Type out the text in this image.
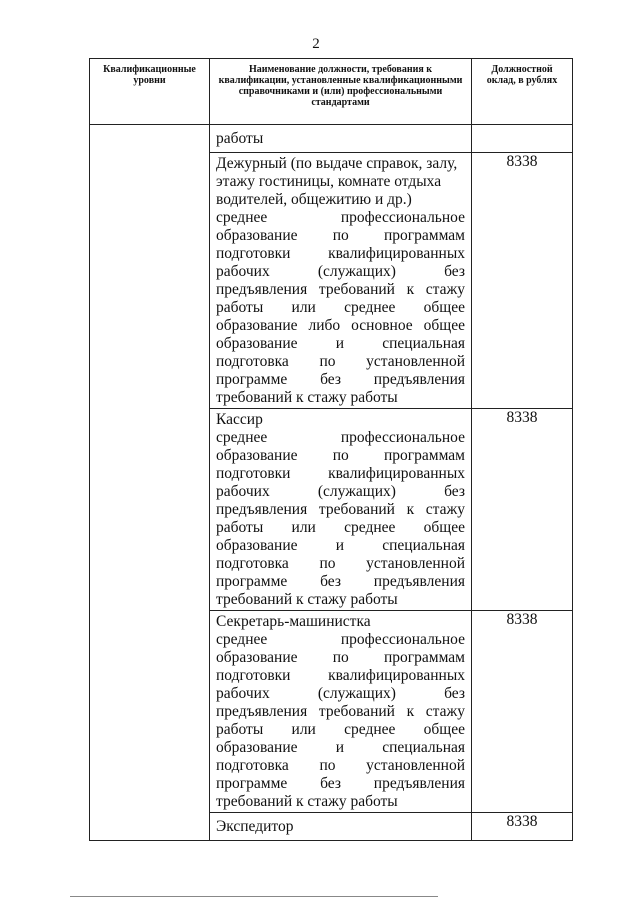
2
Квалификационные уровни	Наименование должности, требования к квалификации, установленные квалификационными справочниками и (или) профессиональными стандартами	Должностной оклад, в рублях

	работы	

	Дежурный (по выдаче справок, залу, этажу гостиницы, комнате отдыха водителей, общежитию и др.)
среднее профессиональное образование по программам подготовки квалифицированных рабочих (служащих) без предъявления требований к стажу работы или среднее общее образование либо основное общее образование и специальная подготовка по установленной программе без предъявления требований к стажу работы	8338

	Кассир
среднее профессиональное образование по программам подготовки квалифицированных рабочих (служащих) без предъявления требований к стажу работы или среднее общее образование и специальная подготовка по установленной программе без предъявления требований к стажу работы	8338

	Секретарь-машинистка
среднее профессиональное образование по программам подготовки квалифицированных рабочих (служащих) без предъявления требований к стажу работы или среднее общее образование и специальная подготовка по установленной программе без предъявления требований к стажу работы	8338

	Экспедитор	8338
